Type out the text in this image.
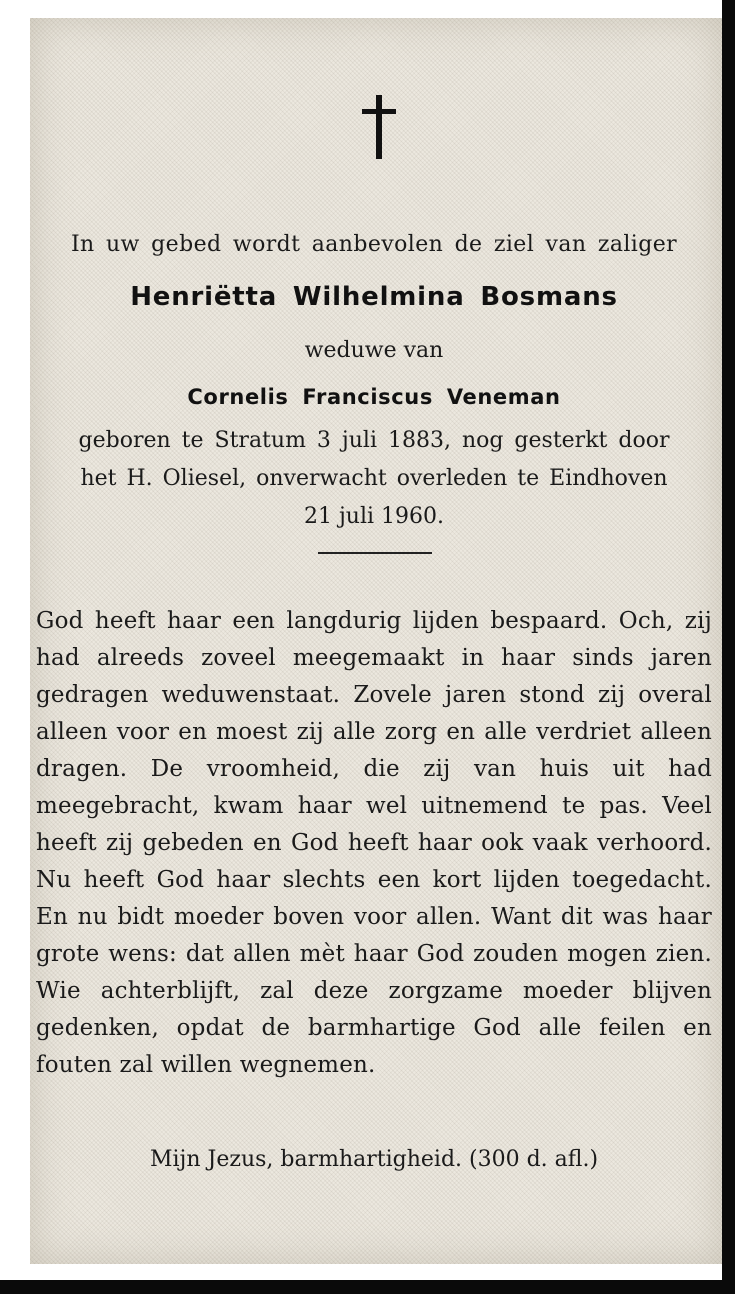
In uw gebed wordt aanbevolen de ziel van zaliger
Henriëtta Wilhelmina Bosmans
weduwe van
Cornelis Franciscus Veneman
geboren te Stratum 3 juli 1883, nog gesterkt door
het H. Oliesel, onverwacht overleden te Eindhoven
21 juli 1960.
God heeft haar een langdurig lijden bespaard. Och, zij had alreeds zoveel meegemaakt in haar sinds jaren gedragen weduwenstaat. Zovele jaren stond zij overal alleen voor en moest zij alle zorg en alle verdriet alleen dragen. De vroomheid, die zij van huis uit had meegebracht, kwam haar wel uitnemend te pas. Veel heeft zij gebeden en God heeft haar ook vaak verhoord. Nu heeft God haar slechts een kort lijden toegedacht. En nu bidt moeder boven voor allen. Want dit was haar grote wens: dat allen mèt haar God zouden mogen zien. Wie achterblijft, zal deze zorgzame moeder blijven gedenken, opdat de barmhartige God alle feilen en fouten zal willen wegnemen.
Mijn Jezus, barmhartigheid. (300 d. afl.)
